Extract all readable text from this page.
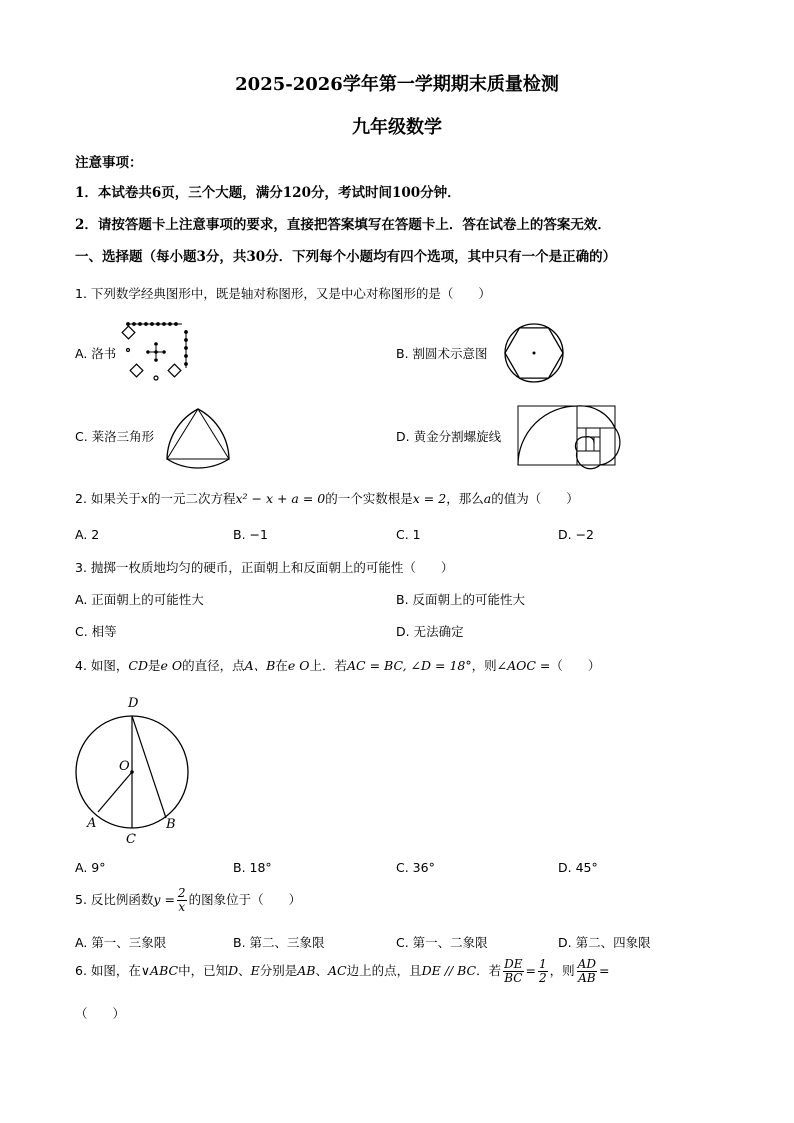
2025-2026学年第一学期期末质量检测
九年级数学
注意事项：
1．本试卷共6页，三个大题，满分120分，考试时间100分钟．
2．请按答题卡上注意事项的要求，直接把答案填写在答题卡上．答在试卷上的答案无效．
一、选择题（每小题3分，共30分．下列每个小题均有四个选项，其中只有一个是正确的）
1. 下列数学经典图形中，既是轴对称图形，又是中心对称图形的是（　　）
A. 洛书	B. 割圆术示意图
C. 莱洛三角形	D. 黄金分割螺旋线
2. 如果关于x的一元二次方程x² − x + a = 0的一个实数根是x = 2，那么a的值为（　　）
A. 2	B. −1	C. 1	D. −2
3. 抛掷一枚质地均匀的硬币，正面朝上和反面朝上的可能性（　　）
A. 正面朝上的可能性大	B. 反面朝上的可能性大
C. 相等	D. 无法确定
4. 如图，CD是e O的直径，点A、B在e O上．若AC = BC, ∠D = 18°，则∠AOC =（　　）
D
O
A
C
B
A. 9°	B. 18°	C. 36°	D. 45°
5. 反比例函数$y = \frac{2}{x}$ 的图象位于（　　）
A. 第一、三象限	B. 第二、三象限	C. 第一、二象限	D. 第二、四象限
6. 如图，在∨ABC中，已知D、E分别是AB、AC边上的点，且DE // BC．若 $\frac{DE}{BC} = \frac{1}{2}$ ，则 $\frac{AD}{AB}$ =
（　　）
